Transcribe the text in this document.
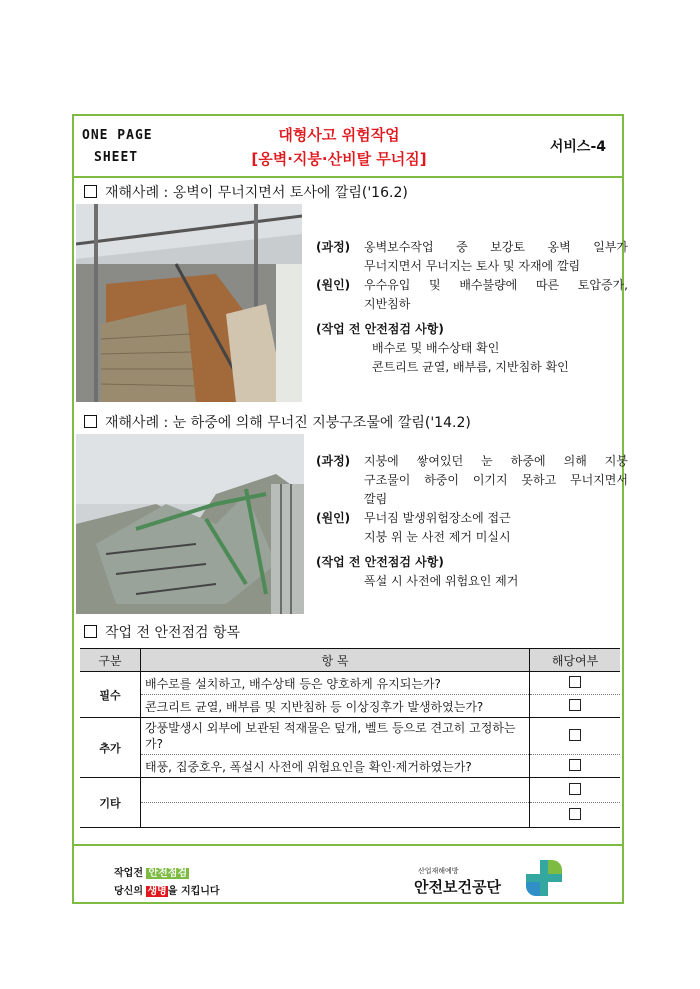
ONE PAGE
SHEET
대형사고 위험작업
[옹벽·지붕·산비탈 무너짐]
서비스-4
재해사례 : 옹벽이 무너지면서 토사에 깔림('16.2)
(과정)	옹벽보수작업 중 보강토 옹벽 일부가
무너지면서 무너지는 토사 및 자재에 깔림
(원인)	우수유입 및 배수불량에 따른 토압증가,
지반침하
(작업 전 안전점검 사항)
배수로 및 배수상태 확인
콘트리트 균열, 배부름, 지반침하 확인
재해사례 : 눈 하중에 의해 무너진 지붕구조물에 깔림('14.2)
(과정)	지붕에 쌓여있던 눈 하중에 의해 지붕
구조물이 하중이 이기지 못하고 무너지면서
깔림
(원인)	무너짐 발생위험장소에 접근
지붕 위 눈 사전 제거 미실시
(작업 전 안전점검 사항)
폭설 시 사전에 위험요인 제거
작업 전 안전점검 항목
구분	항 목	해당여부
필수	배수로를 설치하고, 배수상태 등은 양호하게 유지되는가?	
	콘크리트 균열, 배부름 및 지반침하 등 이상징후가 발생하였는가?	
추가	강풍발생시 외부에 보관된 적재물은 덮개, 벨트 등으로 견고히 고정하는가?	
	태풍, 집중호우, 폭설시 사전에 위험요인을 확인·제거하였는가?	
기타		

작업전 안전점검
당신의 생명을 지킵니다
산업재해예방
안전보건공단
